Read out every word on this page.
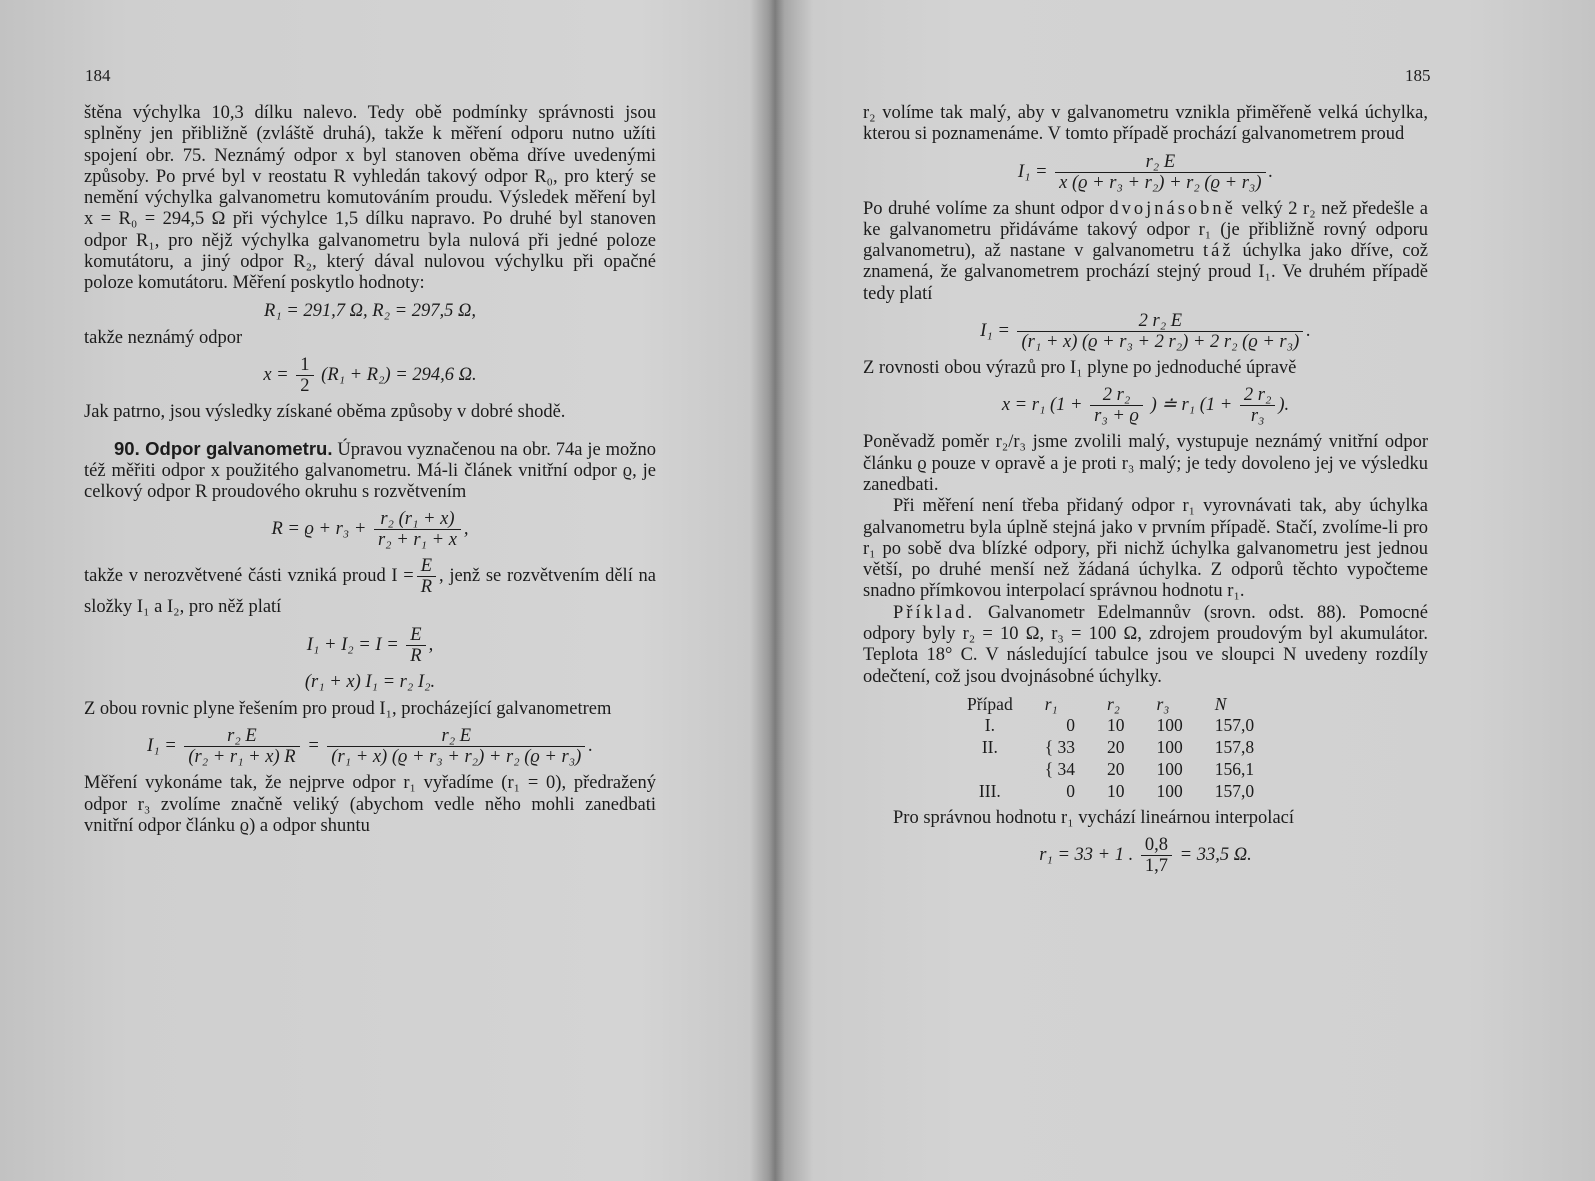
184

štěna výchylka 10,3 dílku nalevo. Tedy obě podmínky správnosti jsou splněny jen přibližně (zvláště druhá), takže k měření odporu nutno užíti spojení obr. 75. Neznámý odpor x byl stanoven oběma dříve uvedenými způsoby. Po prvé byl v reostatu R vyhledán takový odpor R₀, pro který se nemění výchylka galvanometru komutováním proudu. Výsledek měření byl x = R₀ = 294,5 Ω při výchylce 1,5 dílku napravo. Po druhé byl stanoven odpor R₁, pro nějž výchylka galvanometru byla nulová při jedné poloze komutátoru, a jiný odpor R₂, který dával nulovou výchylku při opačné poloze komutátoru. Měření poskytlo hodnoty:

R₁ = 291,7 Ω, R₂ = 297,5 Ω,

takže neznámý odpor

$x = \frac{1}{2} (R_1 + R_2) = 294,6$ Ω.

Jak patrno, jsou výsledky získané oběma způsoby v dobré shodě.

90. Odpor galvanometru. Úpravou vyznačenou na obr. 74a je možno též měřiti odpor x použitého galvanometru. Má-li článek vnitřní odpor ϱ, je celkový odpor R proudového okruhu s rozvětvením

$R = ϱ + r_3 + \frac{\text{r₂ (r₁ + x)}}{\text{r₂ + r₁ + x}}$ ,

takže v nerozvětvené části vzniká proud $I = \frac{E}{R}$ , jenž se rozvětvením dělí na složky I₁ a I₂, pro něž platí

$I_1 + I_2 = I = \frac{E}{R}$ ,
(r₁ + x) I₁ = r₂ I₂.

Z obou rovnic plyne řešením pro proud I₁, procházející galvanometrem

$I_1 = \frac{\text{r₂ E}}{\text{(r₂ + r₁ + x) R}} = \frac{\text{r₂ E}}{\text{(r₁ + x) (ϱ + r₃ + r₂) + r₂ (ϱ + r₃)}}$ .

Měření vykonáme tak, že nejprve odpor r₁ vyřadíme (r₁ = 0), předražený odpor r₃ zvolíme značně veliký (abychom vedle něho mohli zanedbati vnitřní odpor článku ϱ) a odpor shuntu

185

r₂ volíme tak malý, aby v galvanometru vznikla přiměřeně velká úchylka, kterou si poznamenáme. V tomto případě prochází galvanometrem proud

$I_1 = \frac{\text{r₂ E}}{\text{x (ϱ + r₃ + r₂) + r₂ (ϱ + r₃)}}$ .

Po druhé volíme za shunt odpor dvojnásobně velký 2 r₂ než předešle a ke galvanometru přidáváme takový odpor r₁ (je přibližně rovný odporu galvanometru), až nastane v galvanometru táž úchylka jako dříve, což znamená, že galvanometrem prochází stejný proud I₁. Ve druhém případě tedy platí

$I_1 = \frac{\text{2 r₂ E}}{\text{(r₁ + x) (ϱ + r₃ + 2 r₂) + 2 r₂ (ϱ + r₃)}}$ .

Z rovnosti obou výrazů pro I₁ plyne po jednoduché úpravě

x = r₁ ($1 + \frac{\text{2 r₂}}{\text{r₃ + ϱ}}$ ) ≐ r₁ ($1 + \frac{\text{2 r₂}}{\text{r₃}}$ ).

Poněvadž poměr r₂/r₃ jsme zvolili malý, vystupuje neznámý vnitřní odpor článku ϱ pouze v opravě a je proti r₃ malý; je tedy dovoleno jej ve výsledku zanedbati.

Při měření není třeba přidaný odpor r₁ vyrovnávati tak, aby úchylka galvanometru byla úplně stejná jako v prvním případě. Stačí, zvolíme-li pro r₁ po sobě dva blízké odpory, při nichž úchylka galvanometru jest jednou větší, po druhé menší než žádaná úchylka. Z odporů těchto vypočteme snadno přímkovou interpolací správnou hodnotu r₁.

Příklad. Galvanometr Edelmannův (srovn. odst. 88). Pomocné odpory byly r₂ = 10 Ω, r₃ = 100 Ω, zdrojem proudovým byl akumulátor. Teplota 18° C. V následující tabulce jsou ve sloupci N uvedeny rozdíly odečtení, což jsou dvojnásobné úchylky.

Případ	r₁	r₂	r₃	N
I.	0	10	100	157,0
II.	{ 33	20	100	157,8
	{ 34	20	100	156,1
III.	0	10	100	157,0

Pro správnou hodnotu r₁ vychází lineárnou interpolací

r₁ = 33 + 1 . $\frac{0,8}{1,7} = 33,5$ Ω.
